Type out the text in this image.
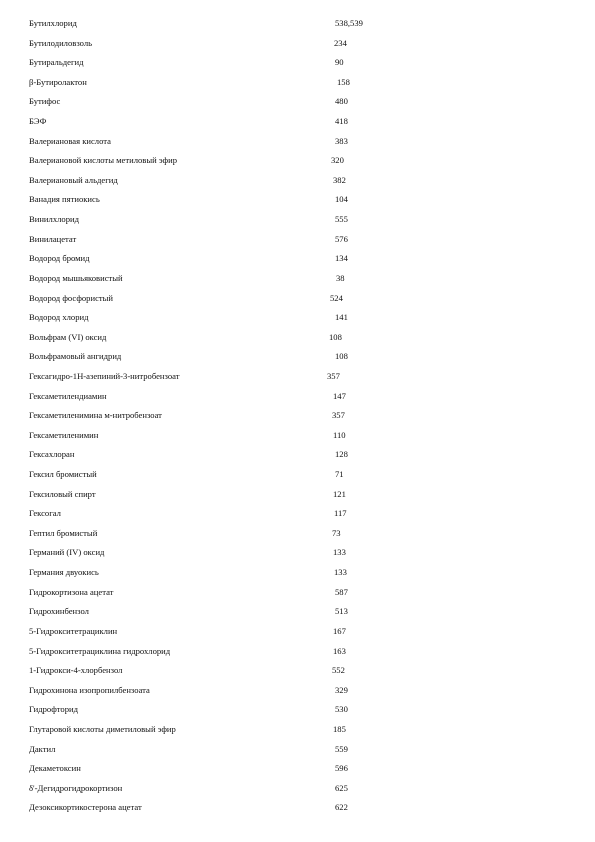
Бутилхлорид	538,539
Бутилодиловзоль	234
Бутиральдегид	90
β-Бутиролактон	158
Бутифос	480
БЭФ	418
Валериановая кислота	383
Валериановой кислоты метиловый эфир	320
Валериановый альдегид	382
Ванадия пятиокись	104
Винилхлорид	555
Винилацетат	576
Водород бромид	134
Водород мышьяковистый	38
Водород фосфористый	524
Водород хлорид	141
Вольфрам (VI) оксид	108
Вольфрамовый ангидрид	108
Гексагидро-1Н-азепиний-3-нитробензоат	357
Гексаметилендиамин	147
Гексаметиленимина м-нитробензоат	357
Гексаметиленимин	110
Гексахлоран	128
Гексил бромистый	71
Гексиловый спирт	121
Гексогал	117
Гептил бромистый	73
Германий (IV) оксид	133
Германия двуокись	133
Гидрокортизона ацетат	587
Гидрохинбензол	513
5-Гидрокситетрациклин	167
5-Гидрокситетрациклина гидрохлорид	163
1-Гидрокси-4-хлорбензол	552
Гидрохинона изопропилбензоата	329
Гидрофторид	530
Глутаровой кислоты диметиловый эфир	185
Дактил	559
Декаметоксин	596
δ'-Дегидрогидрокортизон	625
Дезоксикортикостерона ацетат	622
